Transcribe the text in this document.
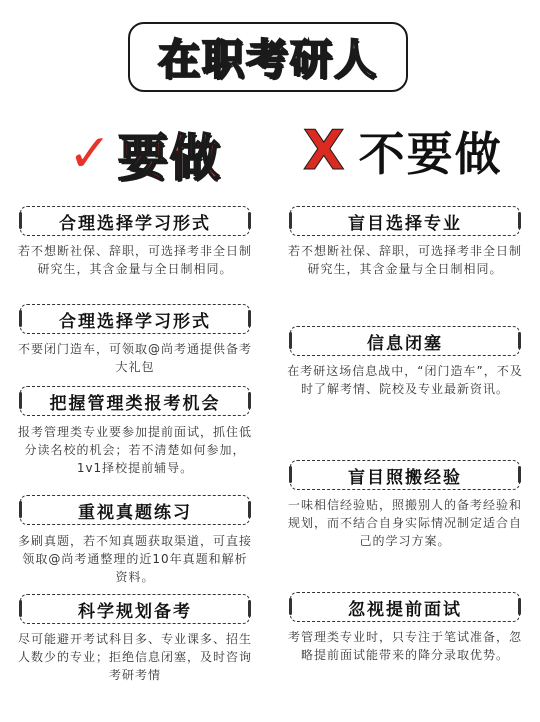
在职考研人
✓ 要做 X 不要做
合理选择学习形式
若不想断社保、辞职，可选择考非全日制研究生，其含金量与全日制相同。
合理选择学习形式
不要闭门造车，可领取@尚考通提供备考大礼包
把握管理类报考机会
报考管理类专业要参加提前面试，抓住低分读名校的机会；若不清楚如何参加，1v1择校提前辅导。
重视真题练习
多刷真题，若不知真题获取渠道，可直接领取@尚考通整理的近10年真题和解析资料。
科学规划备考
尽可能避开考试科目多、专业课多、招生人数少的专业；拒绝信息闭塞，及时咨询考研考情
盲目选择专业
若不想断社保、辞职，可选择考非全日制研究生，其含金量与全日制相同。
信息闭塞
在考研这场信息战中，“闭门造车”，不及时了解考情、院校及专业最新资讯。
盲目照搬经验
一味相信经验贴，照搬别人的备考经验和规划，而不结合自身实际情况制定适合自己的学习方案。
忽视提前面试
考管理类专业时，只专注于笔试准备，忽略提前面试能带来的降分录取优势。
